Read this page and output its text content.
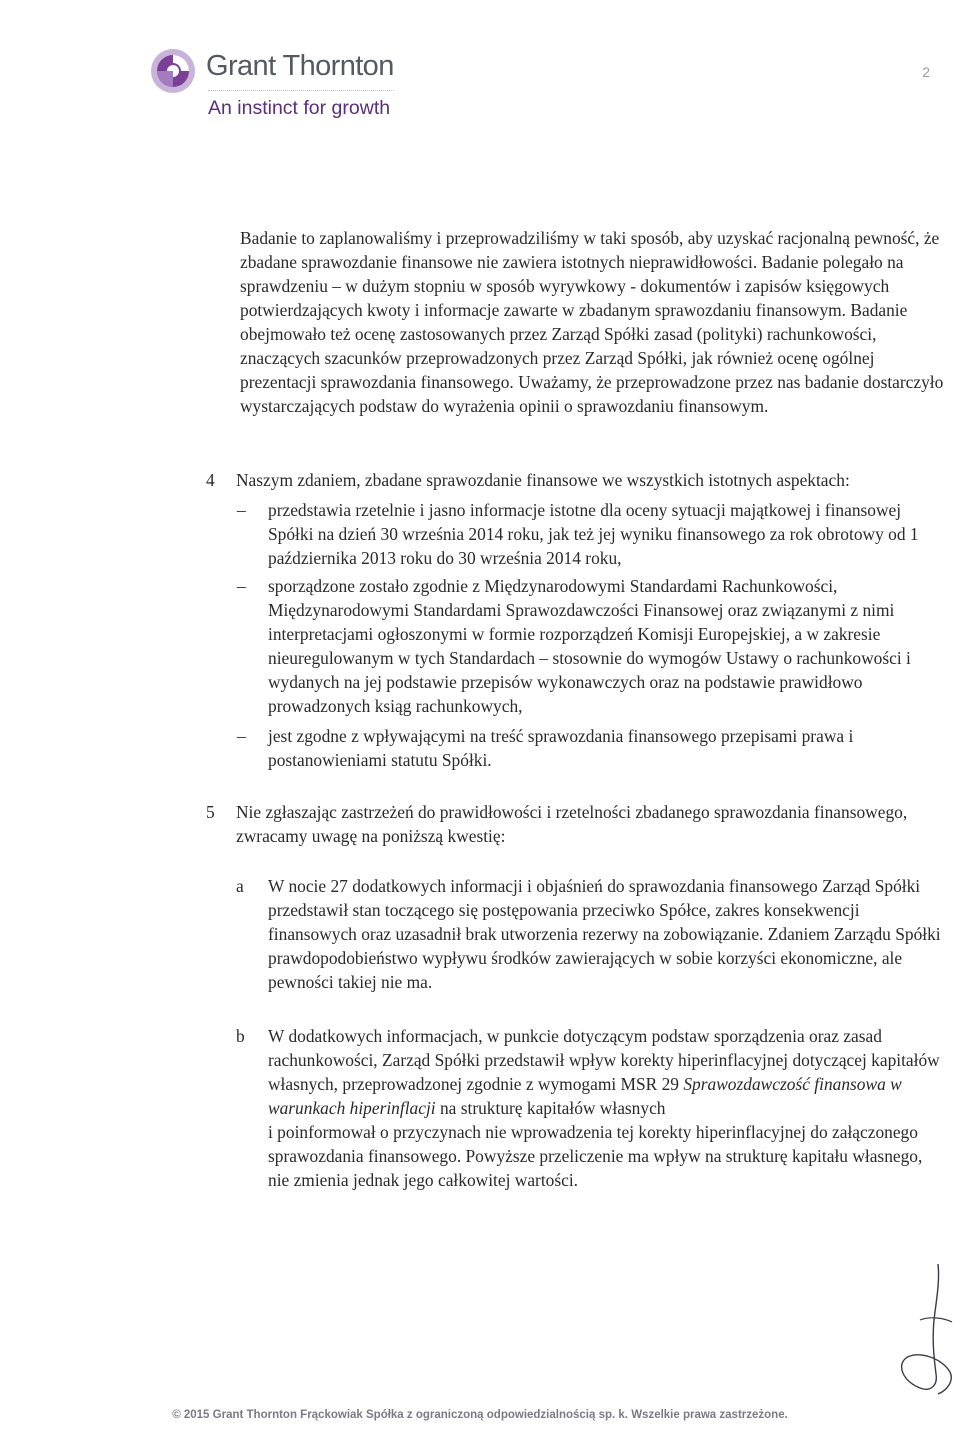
Grant Thornton
An instinct for growth
2

Badanie to zaplanowaliśmy i przeprowadziliśmy w taki sposób, aby uzyskać racjonalną pewność, że zbadane sprawozdanie finansowe nie zawiera istotnych nieprawidłowości. Badanie polegało na sprawdzeniu – w dużym stopniu w sposób wyrywkowy - dokumentów i zapisów księgowych potwierdzających kwoty i informacje zawarte w zbadanym sprawozdaniu finansowym. Badanie obejmowało też ocenę zastosowanych przez Zarząd Spółki zasad (polityki) rachunkowości, znaczących szacunków przeprowadzonych przez Zarząd Spółki, jak również ocenę ogólnej prezentacji sprawozdania finansowego. Uważamy, że przeprowadzone przez nas badanie dostarczyło wystarczających podstaw do wyrażenia opinii o sprawozdaniu finansowym.

4 Naszym zdaniem, zbadane sprawozdanie finansowe we wszystkich istotnych aspektach:

– przedstawia rzetelnie i jasno informacje istotne dla oceny sytuacji majątkowej i finansowej Spółki na dzień 30 września 2014 roku, jak też jej wyniku finansowego za rok obrotowy od 1 października 2013 roku do 30 września 2014 roku,

– sporządzone zostało zgodnie z Międzynarodowymi Standardami Rachunkowości, Międzynarodowymi Standardami Sprawozdawczości Finansowej oraz związanymi z nimi interpretacjami ogłoszonymi w formie rozporządzeń Komisji Europejskiej, a w zakresie nieuregulowanym w tych Standardach – stosownie do wymogów Ustawy o rachunkowości i wydanych na jej podstawie przepisów wykonawczych oraz na podstawie prawidłowo prowadzonych ksiąg rachunkowych,

– jest zgodne z wpływającymi na treść sprawozdania finansowego przepisami prawa i postanowieniami statutu Spółki.

5 Nie zgłaszając zastrzeżeń do prawidłowości i rzetelności zbadanego sprawozdania finansowego, zwracamy uwagę na poniższą kwestię:

a W nocie 27 dodatkowych informacji i objaśnień do sprawozdania finansowego Zarząd Spółki przedstawił stan toczącego się postępowania przeciwko Spółce, zakres konsekwencji finansowych oraz uzasadnił brak utworzenia rezerwy na zobowiązanie. Zdaniem Zarządu Spółki prawdopodobieństwo wypływu środków zawierających w sobie korzyści ekonomiczne, ale pewności takiej nie ma.

b W dodatkowych informacjach, w punkcie dotyczącym podstaw sporządzenia oraz zasad rachunkowości, Zarząd Spółki przedstawił wpływ korekty hiperinflacyjnej dotyczącej kapitałów własnych, przeprowadzonej zgodnie z wymogami MSR 29 Sprawozdawczość finansowa w warunkach hiperinflacji na strukturę kapitałów własnych
i poinformował o przyczynach nie wprowadzenia tej korekty hiperinflacyjnej do załączonego sprawozdania finansowego. Powyższe przeliczenie ma wpływ na strukturę kapitału własnego, nie zmienia jednak jego całkowitej wartości.

© 2015 Grant Thornton Frąckowiak Spółka z ograniczoną odpowiedzialnością sp. k. Wszelkie prawa zastrzeżone.
